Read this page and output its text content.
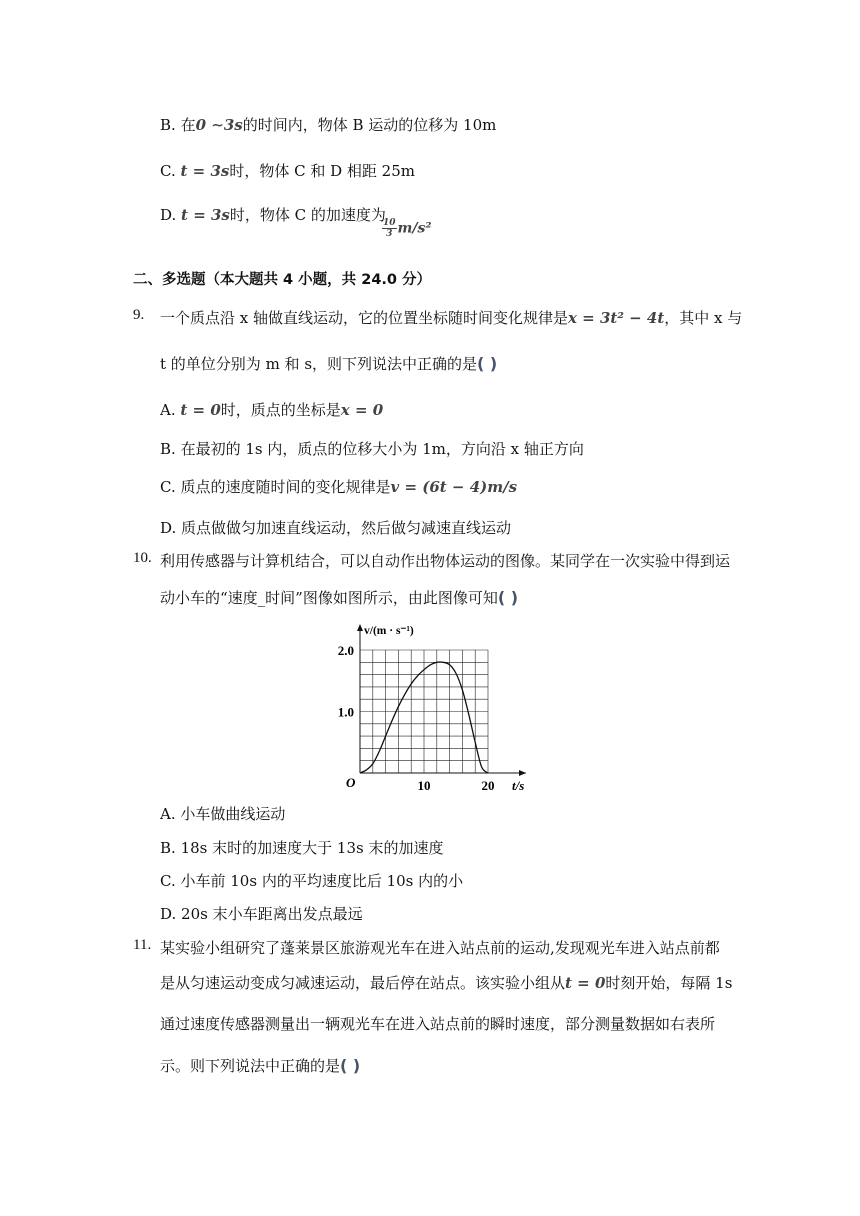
B. 在0 ∼3s的时间内，物体 B 运动的位移为 10m
C. t = 3s时，物体 C 和 D 相距 25m
D. t = 3s时，物体 C 的加速度为
$\frac{10}{3} m/s^2$
二、多选题（本大题共 4 小题，共 24.0 分）
9. 一个质点沿 x 轴做直线运动，它的位置坐标随时间变化规律是x = 3t² − 4t，其中 x 与
t 的单位分别为 m 和 s，则下列说法中正确的是( )
A. t = 0时，质点的坐标是x = 0
B. 在最初的 1s 内，质点的位移大小为 1m，方向沿 x 轴正方向
C. 质点的速度随时间的变化规律是v = (6t − 4)m/s
D. 质点做做匀加速直线运动，然后做匀减速直线运动
10. 利用传感器与计算机结合，可以自动作出物体运动的图像。某同学在一次实验中得到运
动小车的“速度_时间”图像如图所示，由此图像可知( )
10	20
1.0
2.0
O	t/s
v/(m · s⁻¹)
A. 小车做曲线运动
B. 18s 末时的加速度大于 13s 末的加速度
C. 小车前 10s 内的平均速度比后 10s 内的小
D. 20s 末小车距离出发点最远
11. 某实验小组研究了蓬莱景区旅游观光车在进入站点前的运动,发现观光车进入站点前都
是从匀速运动变成匀减速运动，最后停在站点。该实验小组从t = 0时刻开始，每隔 1s
通过速度传感器测量出一辆观光车在进入站点前的瞬时速度，部分测量数据如右表所
示。则下列说法中正确的是( )
